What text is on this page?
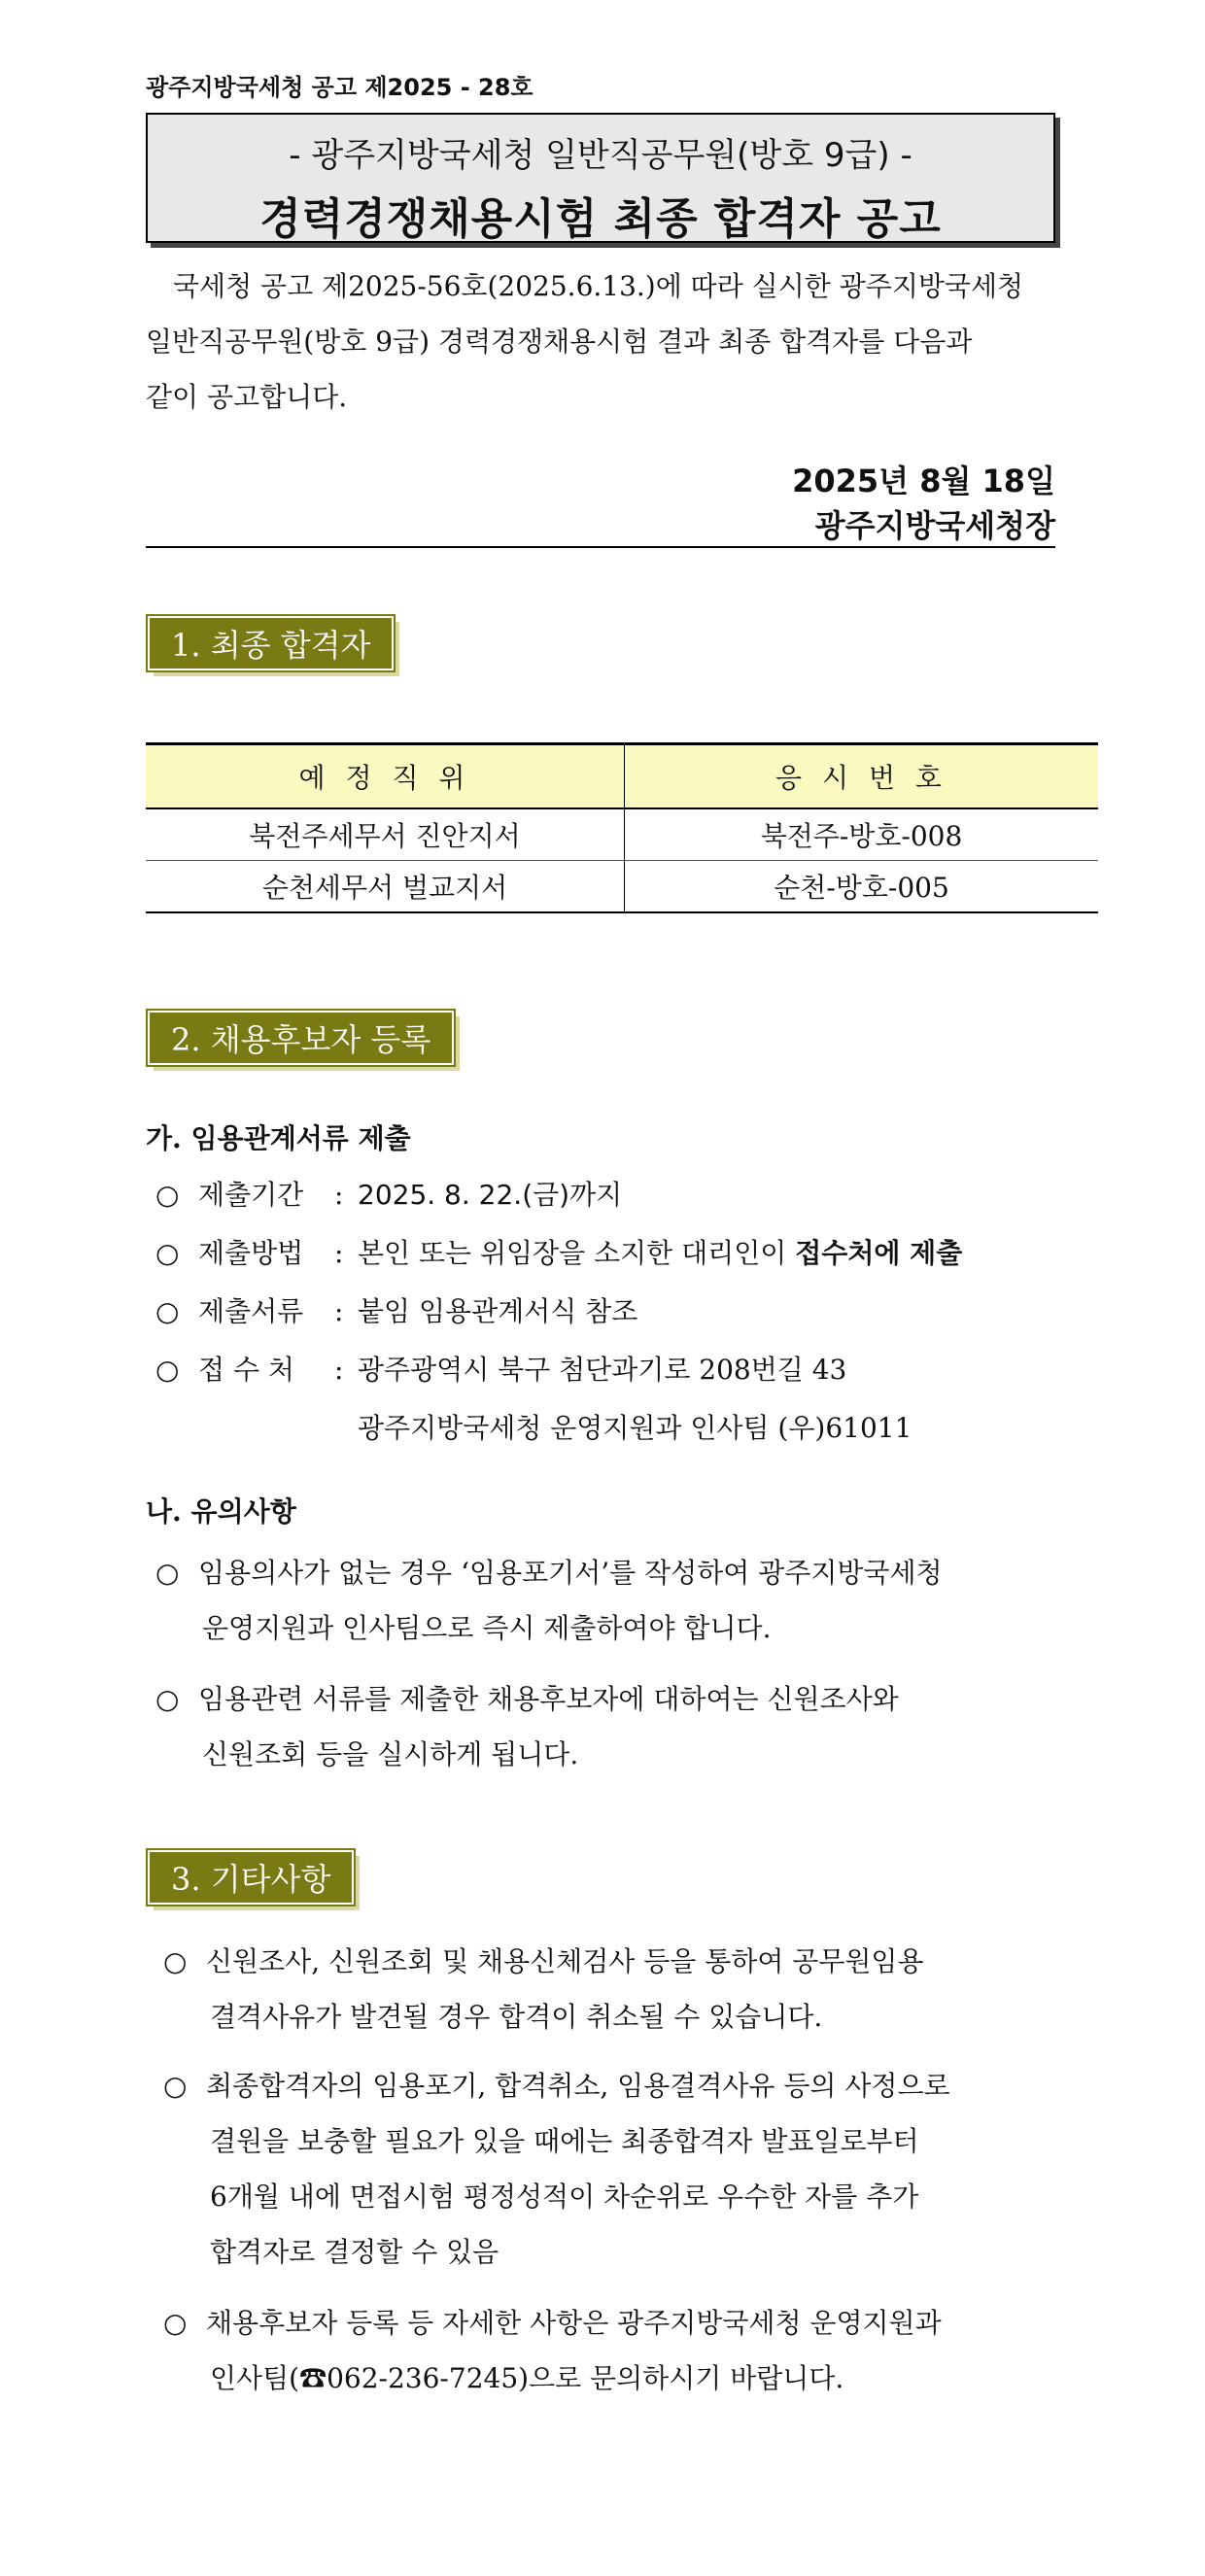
광주지방국세청 공고 제2025 - 28호
- 광주지방국세청 일반직공무원(방호 9급) -
경력경쟁채용시험 최종 합격자 공고
국세청 공고 제2025-56호(2025.6.13.)에 따라 실시한 광주지방국세청
일반직공무원(방호 9급) 경력경쟁채용시험 결과 최종 합격자를 다음과
같이 공고합니다.
2025년 8월 18일
광주지방국세청장
1. 최종 합격자
예 정 직 위	응 시 번 호
북전주세무서 진안지서	북전주-방호-008
순천세무서 벌교지서	순천-방호-005
2. 채용후보자 등록
가. 임용관계서류 제출
○ 제출기간 : 2025. 8. 22.(금)까지
○ 제출방법 : 본인 또는 위임장을 소지한 대리인이 접수처에 제출
○ 제출서류 : 붙임 임용관계서식 참조
○ 접 수 처 : 광주광역시 북구 첨단과기로 208번길 43
광주지방국세청 운영지원과 인사팀 (우)61011
나. 유의사항
○ 임용의사가 없는 경우 ‘임용포기서’를 작성하여 광주지방국세청
운영지원과 인사팀으로 즉시 제출하여야 합니다.
○ 임용관련 서류를 제출한 채용후보자에 대하여는 신원조사와
신원조회 등을 실시하게 됩니다.
3. 기타사항
○ 신원조사, 신원조회 및 채용신체검사 등을 통하여 공무원임용
결격사유가 발견될 경우 합격이 취소될 수 있습니다.
○ 최종합격자의 임용포기, 합격취소, 임용결격사유 등의 사정으로
결원을 보충할 필요가 있을 때에는 최종합격자 발표일로부터
6개월 내에 면접시험 평정성적이 차순위로 우수한 자를 추가
합격자로 결정할 수 있음
○ 채용후보자 등록 등 자세한 사항은 광주지방국세청 운영지원과
인사팀(☎062-236-7245)으로 문의하시기 바랍니다.
